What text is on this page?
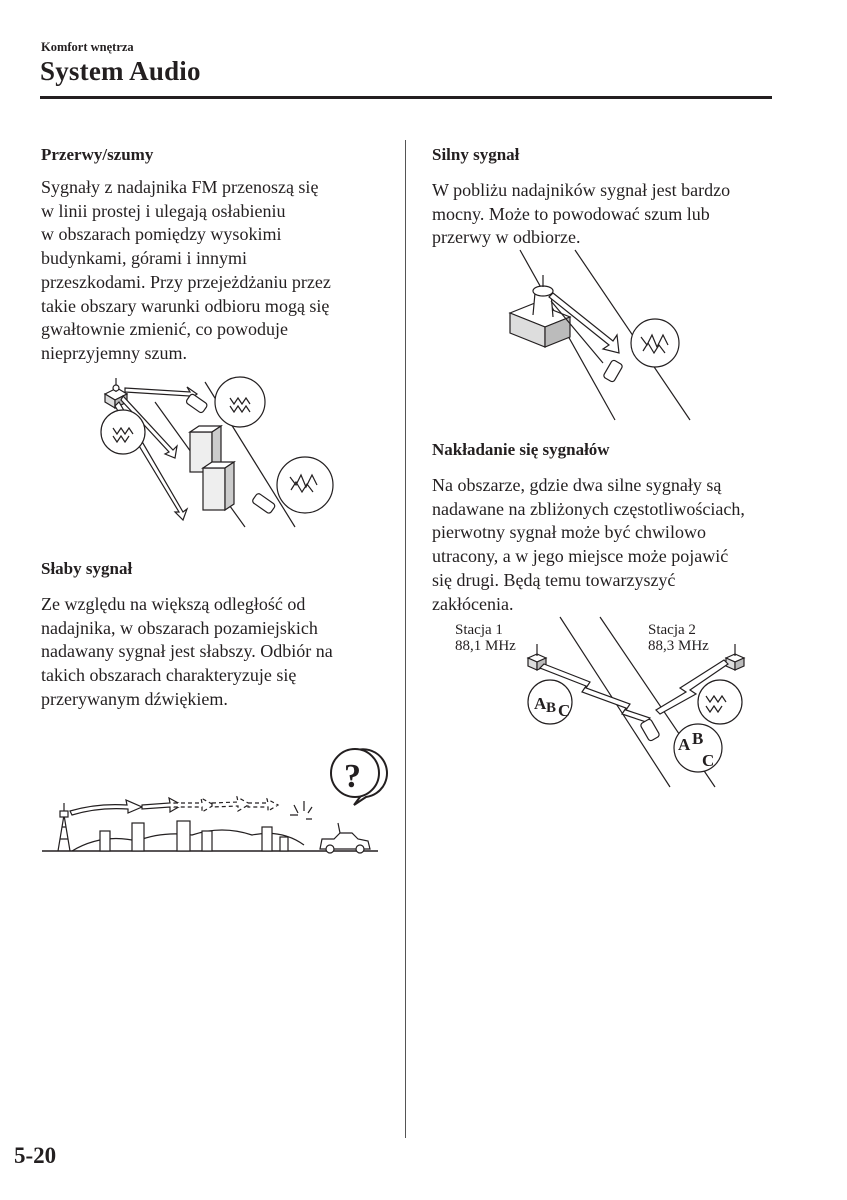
Komfort wnętrza
System Audio
Przerwy/szumy

Sygnały z nadajnika FM przenoszą się

w linii prostej i ulegają osłabieniu

w obszarach pomiędzy wysokimi

budynkami, górami i innymi

przeszkodami. Przy przejeżdżaniu przez

takie obszary warunki odbioru mogą się

gwałtownie zmienić, co powoduje

nieprzyjemny szum.

Słaby sygnał

Ze względu na większą odległość od

nadajnika, w obszarach pozamiejskich

nadawany sygnał jest słabszy. Odbiór na

takich obszarach charakteryzuje się

przerywanym dźwiękiem.

?
Silny sygnał

W pobliżu nadajników sygnał jest bardzo

mocny. Może to powodować szum lub

przerwy w odbiorze.

Nakładanie się sygnałów

Na obszarze, gdzie dwa silne sygnały są

nadawane na zbliżonych częstotliwościach,

pierwotny sygnał może być chwilowo

utracony, a w jego miejsce może pojawić

się drugi. Będą temu towarzyszyć

zakłócenia.

Stacja 1
88,1 MHz
Stacja 2
88,3 MHz
A B C
A B
C
5-20
